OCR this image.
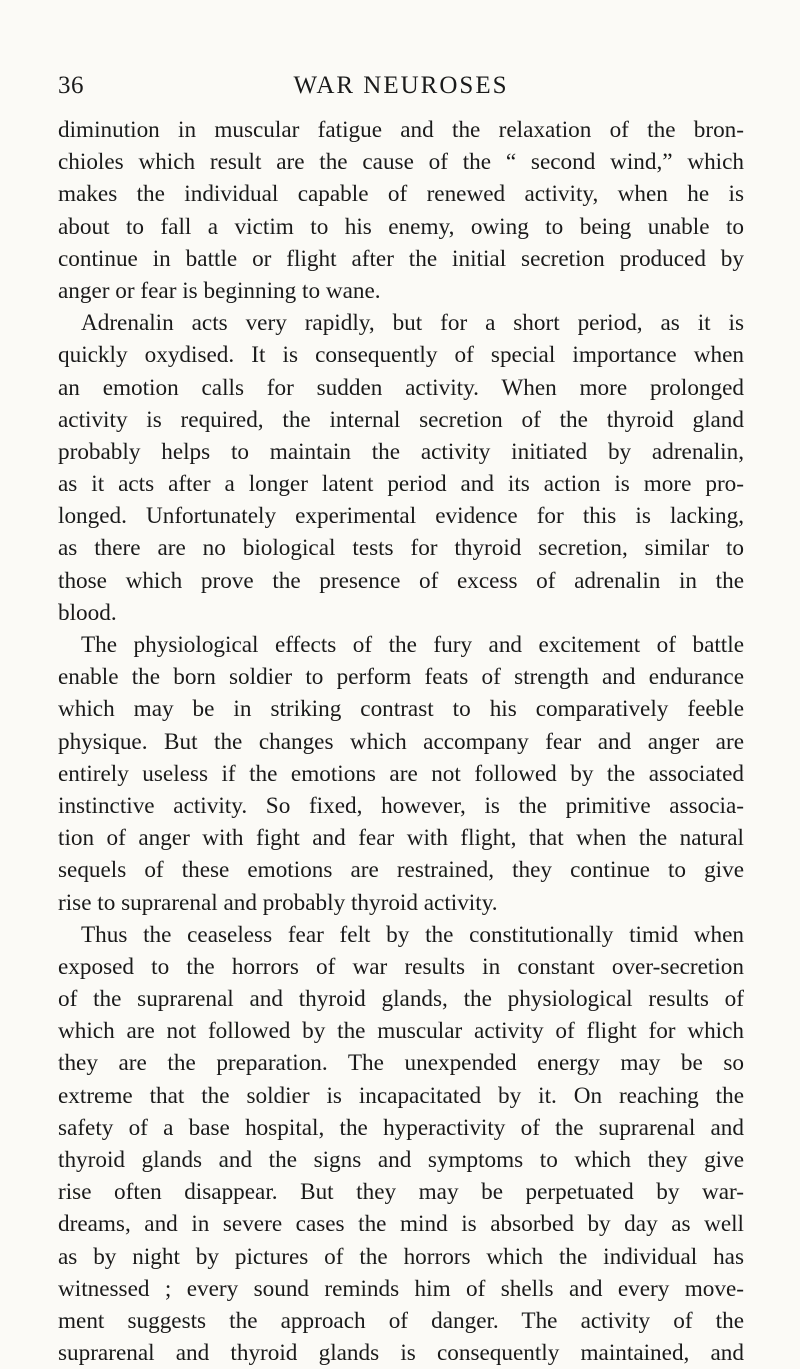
36	WAR NEUROSES
diminution in muscular fatigue and the relaxation of the bron-
chioles which result are the cause of the “ second wind,” which
makes the individual capable of renewed activity, when he is
about to fall a victim to his enemy, owing to being unable to
continue in battle or flight after the initial secretion produced by
anger or fear is beginning to wane.
Adrenalin acts very rapidly, but for a short period, as it is
quickly oxydised. It is consequently of special importance when
an emotion calls for sudden activity. When more prolonged
activity is required, the internal secretion of the thyroid gland
probably helps to maintain the activity initiated by adrenalin,
as it acts after a longer latent period and its action is more pro-
longed. Unfortunately experimental evidence for this is lacking,
as there are no biological tests for thyroid secretion, similar to
those which prove the presence of excess of adrenalin in the
blood.
The physiological effects of the fury and excitement of battle
enable the born soldier to perform feats of strength and endurance
which may be in striking contrast to his comparatively feeble
physique. But the changes which accompany fear and anger are
entirely useless if the emotions are not followed by the associated
instinctive activity. So fixed, however, is the primitive associa-
tion of anger with fight and fear with flight, that when the natural
sequels of these emotions are restrained, they continue to give
rise to suprarenal and probably thyroid activity.
Thus the ceaseless fear felt by the constitutionally timid when
exposed to the horrors of war results in constant over-secretion
of the suprarenal and thyroid glands, the physiological results of
which are not followed by the muscular activity of flight for which
they are the preparation. The unexpended energy may be so
extreme that the soldier is incapacitated by it. On reaching the
safety of a base hospital, the hyperactivity of the suprarenal and
thyroid glands and the signs and symptoms to which they give
rise often disappear. But they may be perpetuated by war-
dreams, and in severe cases the mind is absorbed by day as well
as by night by pictures of the horrors which the individual has
witnessed ; every sound reminds him of shells and every move-
ment suggests the approach of danger. The activity of the
suprarenal and thyroid glands is consequently maintained, and
